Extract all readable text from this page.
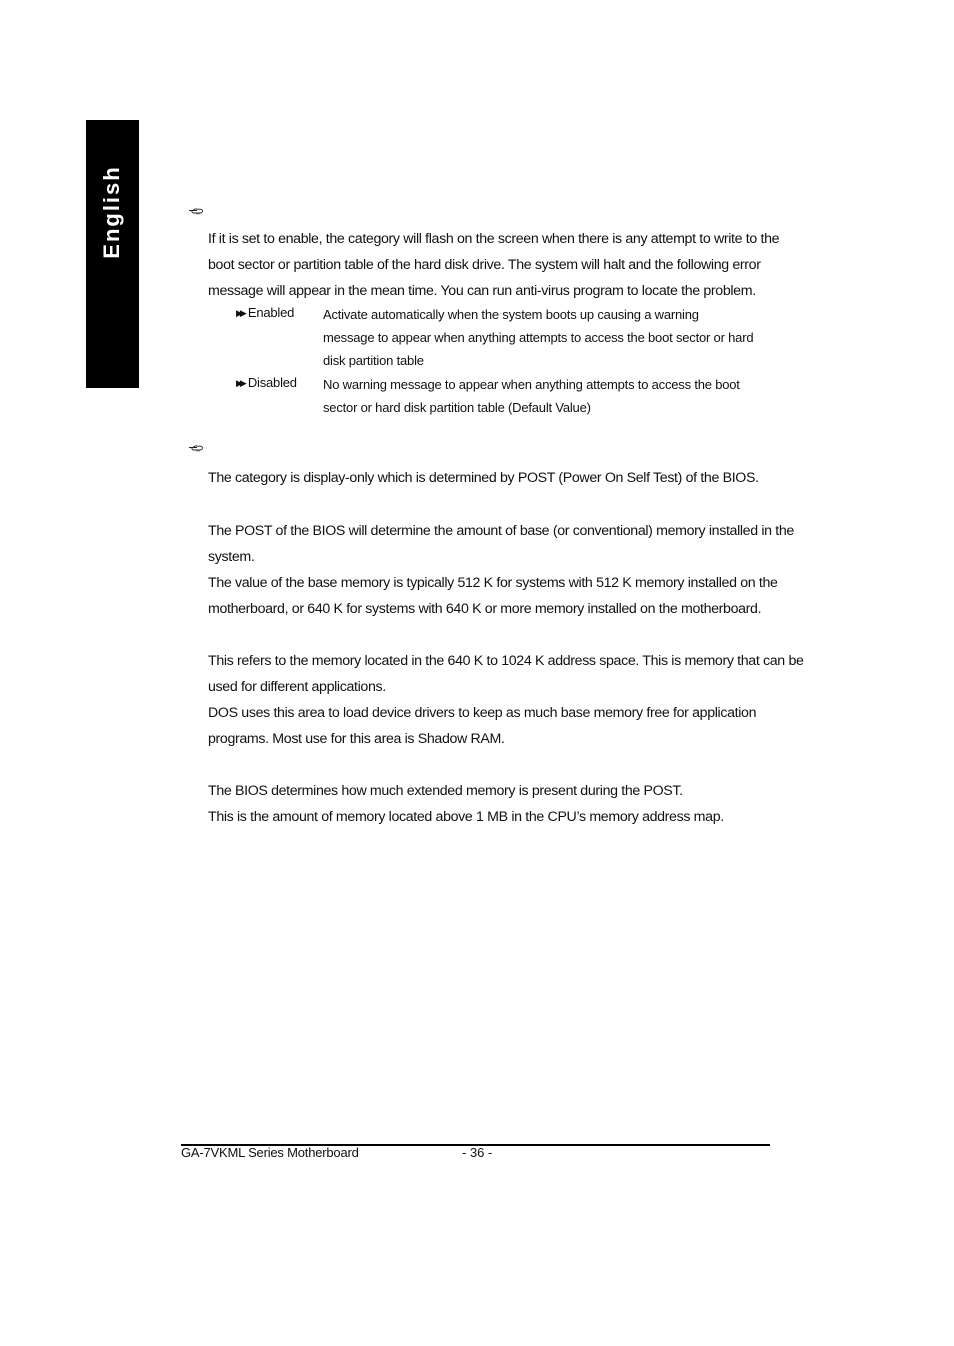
English	If it is set to enable, the category will flash on the screen when there is any attempt to write to the
boot sector or partition table of the hard disk drive. The system will halt and the following error
message will appear in the mean time. You can run anti-virus program to locate the problem.
▶▶ Enabled Activate automatically when the system boots up causing a warning
message to appear when anything attempts to access the boot sector or hard
disk partition table
▶▶ Disabled No warning message to appear when anything attempts to access the boot
sector or hard disk partition table (Default Value)
The category is display-only which is determined by POST (Power On Self Test) of the BIOS.
The POST of the BIOS will determine the amount of base (or conventional) memory installed in the
system.
The value of the base memory is typically 512 K for systems with 512 K memory installed on the
motherboard, or 640 K for systems with 640 K or more memory installed on the motherboard.
This refers to the memory located in the 640 K to 1024 K address space. This is memory that can be
used for different applications.
DOS uses this area to load device drivers to keep as much base memory free for application
programs. Most use for this area is Shadow RAM.
The BIOS determines how much extended memory is present during the POST.
This is the amount of memory located above 1 MB in the CPU’s memory address map.
GA-7VKML Series Motherboard	- 36 -
